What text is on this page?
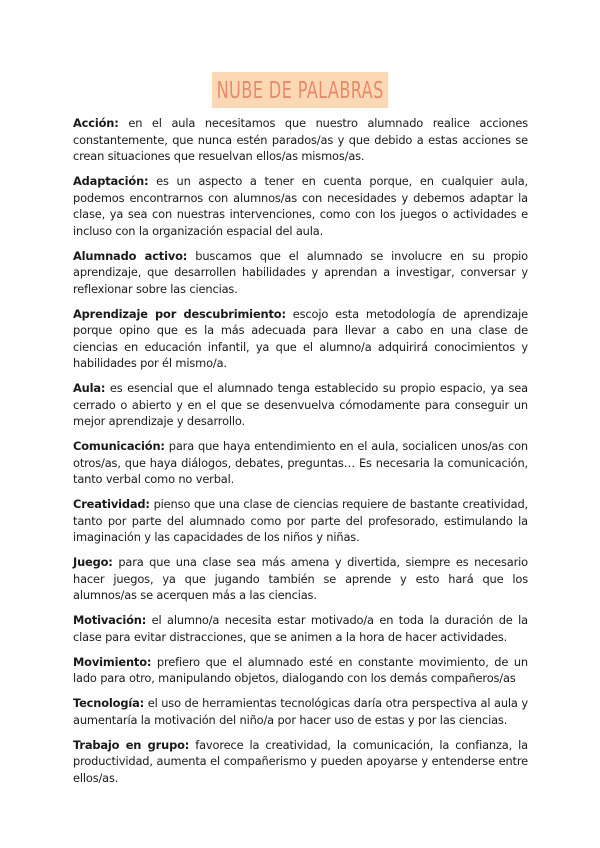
NUBE DE PALABRAS

Acción: en el aula necesitamos que nuestro alumnado realice acciones constantemente, que nunca estén parados/as y que debido a estas acciones se crean situaciones que resuelvan ellos/as mismos/as.

Adaptación: es un aspecto a tener en cuenta porque, en cualquier aula, podemos encontrarnos con alumnos/as con necesidades y debemos adaptar la clase, ya sea con nuestras intervenciones, como con los juegos o actividades e incluso con la organización espacial del aula.

Alumnado activo: buscamos que el alumnado se involucre en su propio aprendizaje, que desarrollen habilidades y aprendan a investigar, conversar y reflexionar sobre las ciencias.

Aprendizaje por descubrimiento: escojo esta metodología de aprendizaje porque opino que es la más adecuada para llevar a cabo en una clase de ciencias en educación infantil, ya que el alumno/a adquirirá conocimientos y habilidades por él mismo/a.

Aula: es esencial que el alumnado tenga establecido su propio espacio, ya sea cerrado o abierto y en el que se desenvuelva cómodamente para conseguir un mejor aprendizaje y desarrollo.

Comunicación: para que haya entendimiento en el aula, socialicen unos/as con otros/as, que haya diálogos, debates, preguntas… Es necesaria la comunicación, tanto verbal como no verbal.

Creatividad: pienso que una clase de ciencias requiere de bastante creatividad, tanto por parte del alumnado como por parte del profesorado, estimulando la imaginación y las capacidades de los niños y niñas.

Juego: para que una clase sea más amena y divertida, siempre es necesario hacer juegos, ya que jugando también se aprende y esto hará que los alumnos/as se acerquen más a las ciencias.

Motivación: el alumno/a necesita estar motivado/a en toda la duración de la clase para evitar distracciones, que se animen a la hora de hacer actividades.

Movimiento: prefiero que el alumnado esté en constante movimiento, de un lado para otro, manipulando objetos, dialogando con los demás compañeros/as

Tecnología: el uso de herramientas tecnológicas daría otra perspectiva al aula y aumentaría la motivación del niño/a por hacer uso de estas y por las ciencias.

Trabajo en grupo: favorece la creatividad, la comunicación, la confianza, la productividad, aumenta el compañerismo y pueden apoyarse y entenderse entre ellos/as.
